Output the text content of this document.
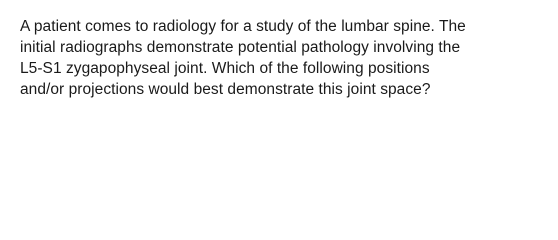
A patient comes to radiology for a study of the lumbar spine. The
initial radiographs demonstrate potential pathology involving the
L5-S1 zygapophyseal joint. Which of the following positions
and/or projections would best demonstrate this joint space?
